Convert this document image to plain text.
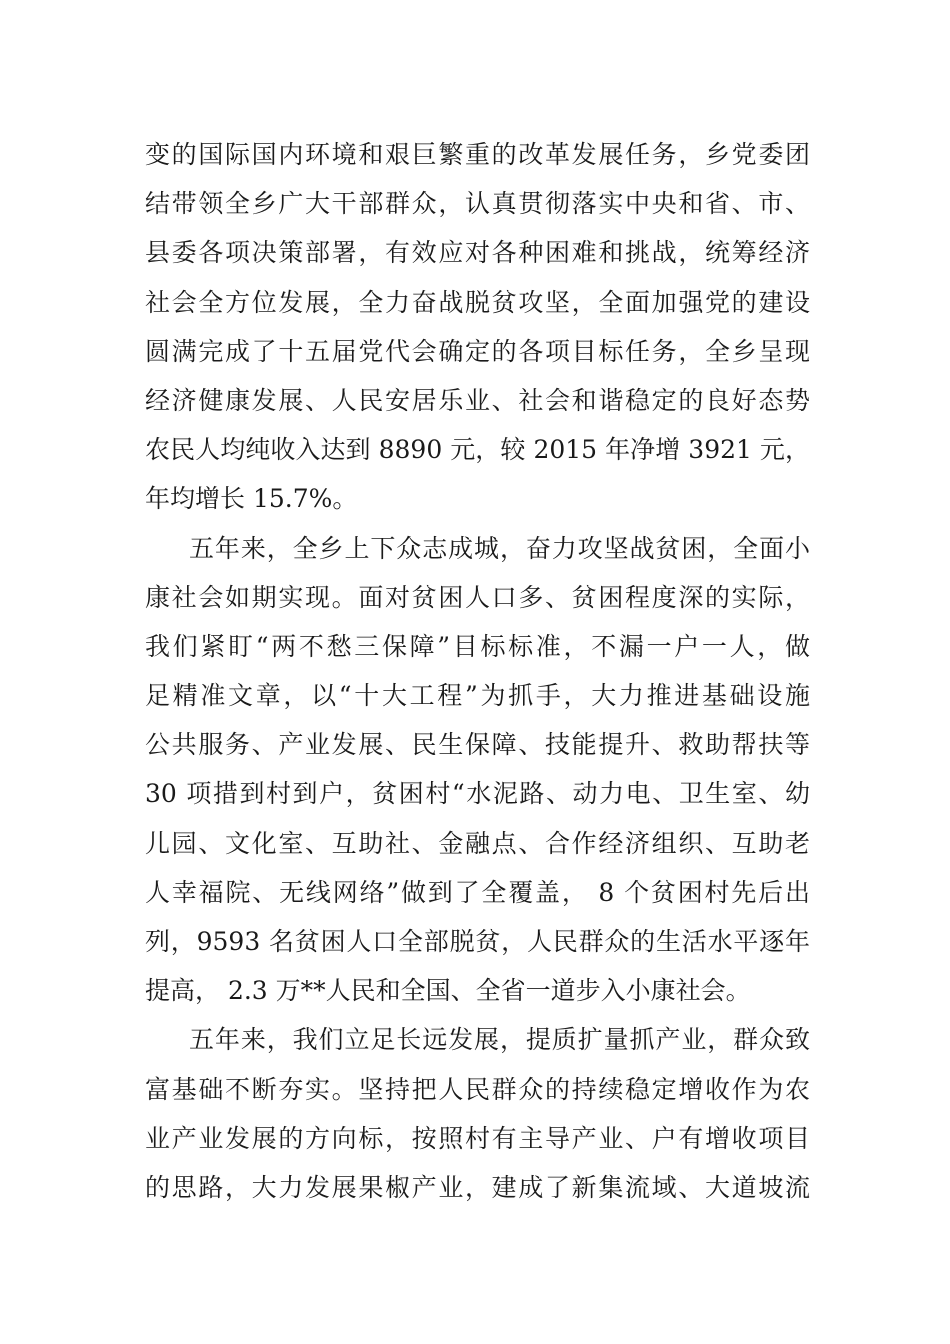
变的国际国内环境和艰巨繁重的改革发展任务，乡党委团
结带领全乡广大干部群众，认真贯彻落实中央和省、市、
县委各项决策部署，有效应对各种困难和挑战，统筹经济
社会全方位发展，全力奋战脱贫攻坚，全面加强党的建设
圆满完成了十五届党代会确定的各项目标任务，全乡呈现
经济健康发展、人民安居乐业、社会和谐稳定的良好态势
农民人均纯收入达到 8890 元，较 2015 年净增 3921 元，
年均增长 15.7%。
五年来，全乡上下众志成城，奋力攻坚战贫困，全面小
康社会如期实现。面对贫困人口多、贫困程度深的实际，
我们紧盯“两不愁三保障”目标标准，不漏一户一人，做
足精准文章，以“十大工程”为抓手，大力推进基础设施
公共服务、产业发展、民生保障、技能提升、救助帮扶等
30 项措到村到户，贫困村“水泥路、动力电、卫生室、幼
儿园、文化室、互助社、金融点、合作经济组织、互助老
人幸福院、无线网络”做到了全覆盖， 8 个贫困村先后出
列，9593 名贫困人口全部脱贫，人民群众的生活水平逐年
提高， 2.3 万**人民和全国、全省一道步入小康社会。
五年来，我们立足长远发展，提质扩量抓产业，群众致
富基础不断夯实。坚持把人民群众的持续稳定增收作为农
业产业发展的方向标，按照村有主导产业、户有增收项目
的思路，大力发展果椒产业，建成了新集流域、大道坡流
